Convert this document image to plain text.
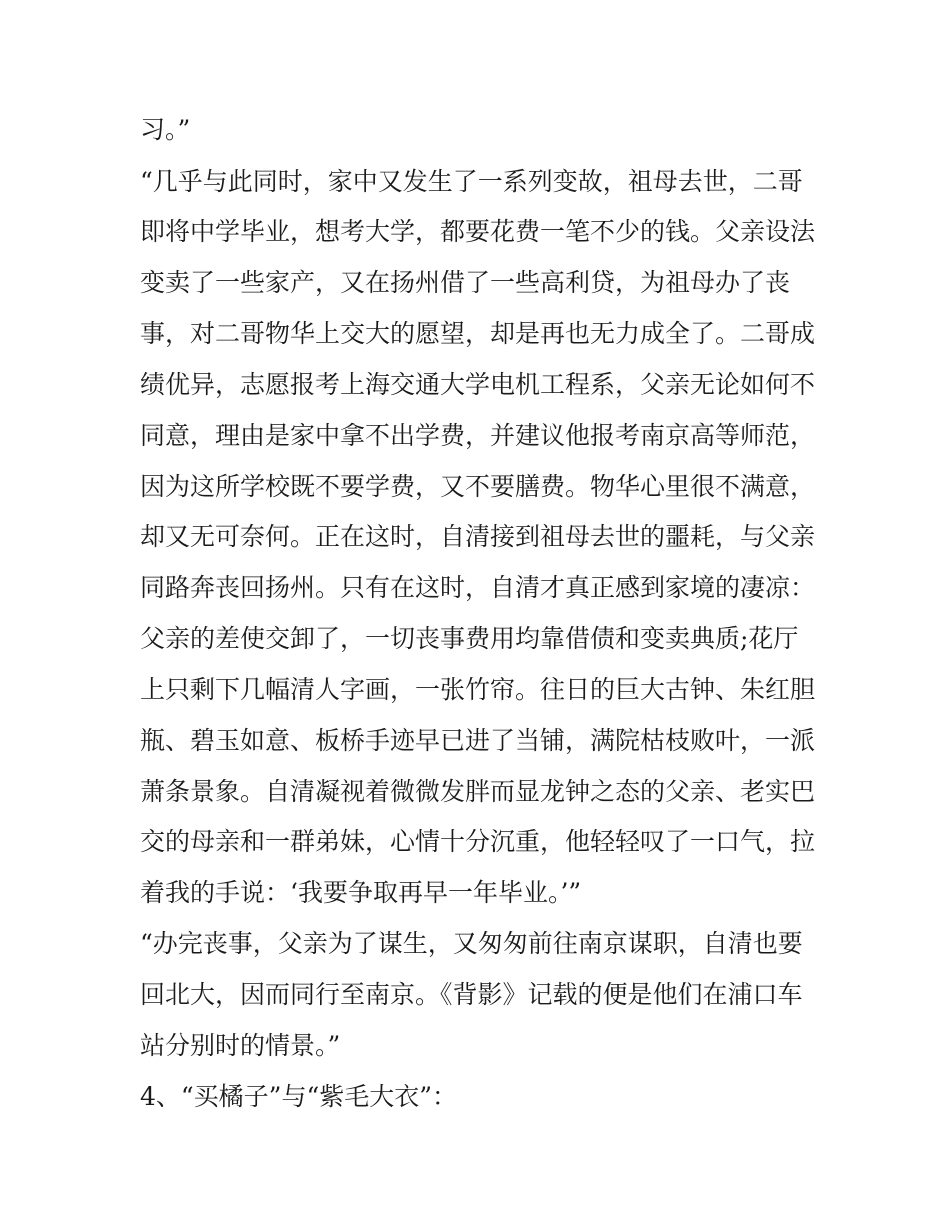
习。”
“几乎与此同时，家中又发生了一系列变故，祖母去世，二哥
即将中学毕业，想考大学，都要花费一笔不少的钱。父亲设法
变卖了一些家产，又在扬州借了一些高利贷，为祖母办了丧
事，对二哥物华上交大的愿望，却是再也无力成全了。二哥成
绩优异，志愿报考上海交通大学电机工程系，父亲无论如何不
同意，理由是家中拿不出学费，并建议他报考南京高等师范，
因为这所学校既不要学费，又不要膳费。物华心里很不满意，
却又无可奈何。正在这时，自清接到祖母去世的噩耗，与父亲
同路奔丧回扬州。只有在这时，自清才真正感到家境的凄凉：
父亲的差使交卸了，一切丧事费用均靠借债和变卖典质;花厅
上只剩下几幅清人字画，一张竹帘。往日的巨大古钟、朱红胆
瓶、碧玉如意、板桥手迹早已进了当铺，满院枯枝败叶，一派
萧条景象。自清凝视着微微发胖而显龙钟之态的父亲、老实巴
交的母亲和一群弟妹，心情十分沉重，他轻轻叹了一口气，拉
着我的手说：‘我要争取再早一年毕业。’”
“办完丧事，父亲为了谋生，又匆匆前往南京谋职，自清也要
回北大，因而同行至南京。《背影》记载的便是他们在浦口车
站分别时的情景。”
4、“买橘子”与“紫毛大衣”：
